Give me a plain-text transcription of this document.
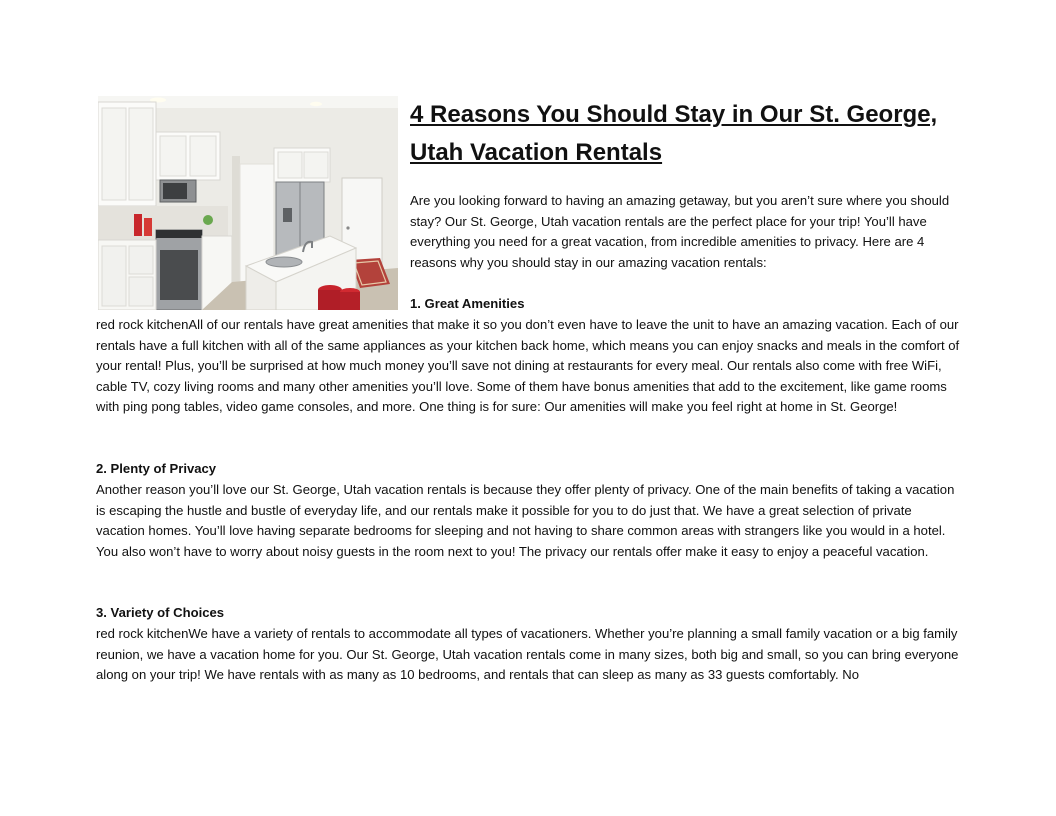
4 Reasons You Should Stay in Our St. George, Utah Vacation Rentals

Are you looking forward to having an amazing getaway, but you aren’t sure where you should stay? Our St. George, Utah vacation rentals are the perfect place for your trip! You’ll have everything you need for a great vacation, from incredible amenities to privacy. Here are 4 reasons why you should stay in our amazing vacation rentals:

1. Great Amenities

red rock kitchenAll of our rentals have great amenities that make it so you don’t even have to leave the unit to have an amazing vacation. Each of our rentals have a full kitchen with all of the same appliances as your kitchen back home, which means you can enjoy snacks and meals in the comfort of your rental! Plus, you’ll be surprised at how much money you’ll save not dining at restaurants for every meal. Our rentals also come with free WiFi, cable TV, cozy living rooms and many other amenities you’ll love. Some of them have bonus amenities that add to the excitement, like game rooms with ping pong tables, video game consoles, and more. One thing is for sure: Our amenities will make you feel right at home in St. George!

2. Plenty of Privacy

Another reason you’ll love our St. George, Utah vacation rentals is because they offer plenty of privacy. One of the main benefits of taking a vacation is escaping the hustle and bustle of everyday life, and our rentals make it possible for you to do just that. We have a great selection of private vacation homes. You’ll love having separate bedrooms for sleeping and not having to share common areas with strangers like you would in a hotel. You also won’t have to worry about noisy guests in the room next to you! The privacy our rentals offer make it easy to enjoy a peaceful vacation.

3. Variety of Choices

red rock kitchenWe have a variety of rentals to accommodate all types of vacationers. Whether you’re planning a small family vacation or a big family reunion, we have a vacation home for you. Our St. George, Utah vacation rentals come in many sizes, both big and small, so you can bring everyone along on your trip! We have rentals with as many as 10 bedrooms, and rentals that can sleep as many as 33 guests comfortably. No
